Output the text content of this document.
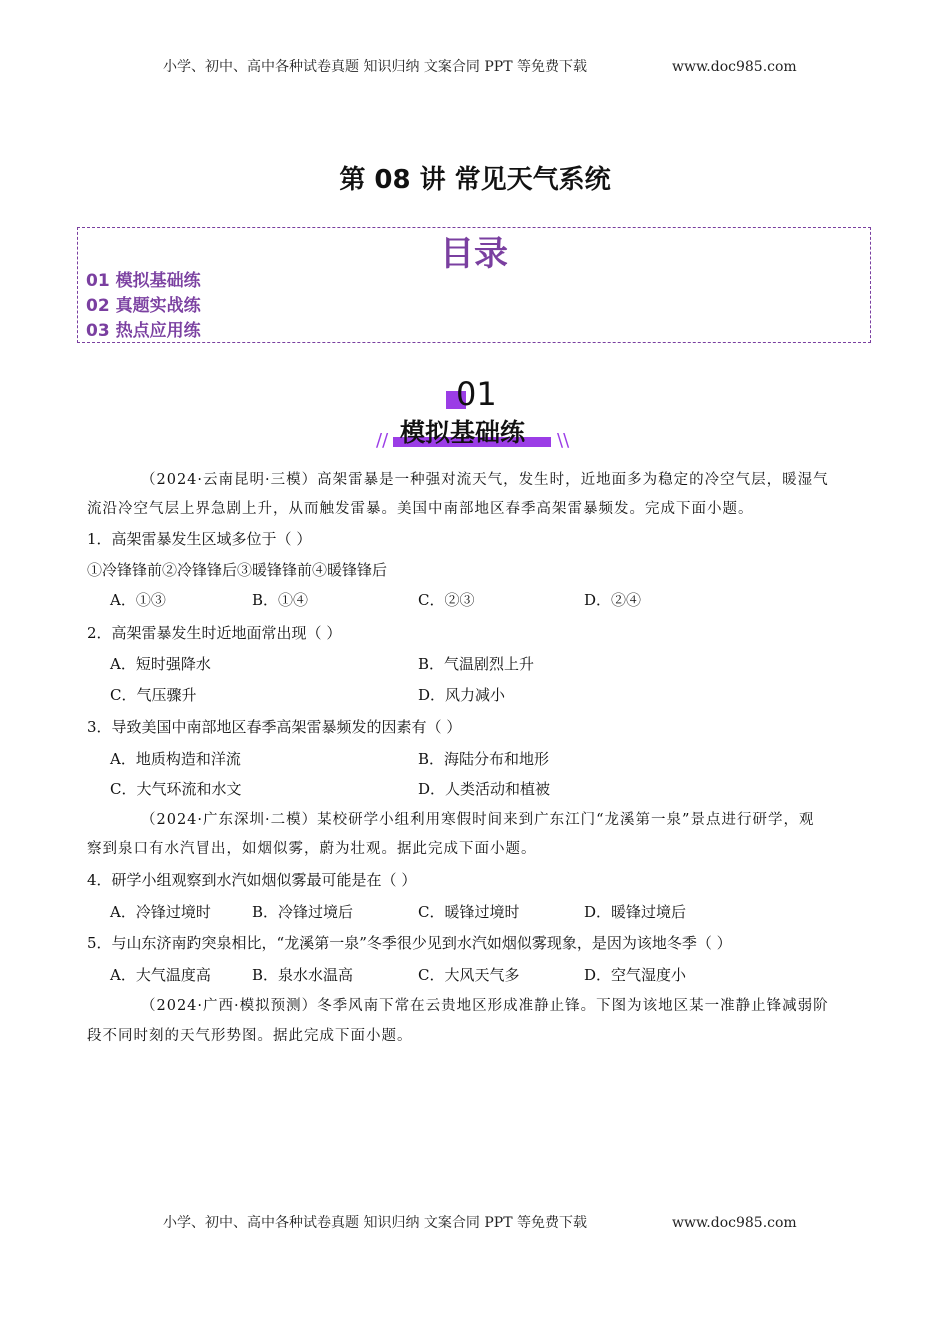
小学、初中、高中各种试卷真题 知识归纳 文案合同 PPT 等免费下载	www.doc985.com
第 08 讲 常见天气系统
目录
01 模拟基础练
02 真题实战练
03 热点应用练
01
//	\\
模拟基础练
（2024·云南昆明·三模）高架雷暴是一种强对流天气，发生时，近地面多为稳定的冷空气层，暖湿气
流沿冷空气层上界急剧上升，从而触发雷暴。美国中南部地区春季高架雷暴频发。完成下面小题。
1．高架雷暴发生区域多位于（ ）
①冷锋锋前②冷锋锋后③暖锋锋前④暖锋锋后
A．①③	B．①④	C．②③	D．②④
2．高架雷暴发生时近地面常出现（ ）
A．短时强降水	B．气温剧烈上升
C．气压骤升	D．风力减小
3．导致美国中南部地区春季高架雷暴频发的因素有（ ）
A．地质构造和洋流	B．海陆分布和地形
C．大气环流和水文	D．人类活动和植被
（2024·广东深圳·二模）某校研学小组利用寒假时间来到广东江门“龙溪第一泉”景点进行研学，观
察到泉口有水汽冒出，如烟似雾，蔚为壮观。据此完成下面小题。
4．研学小组观察到水汽如烟似雾最可能是在（ ）
A．冷锋过境时	B．冷锋过境后	C．暖锋过境时	D．暖锋过境后
5．与山东济南趵突泉相比，“龙溪第一泉”冬季很少见到水汽如烟似雾现象，是因为该地冬季（ ）
A．大气温度高	B．泉水水温高	C．大风天气多	D．空气湿度小
（2024·广西·模拟预测）冬季风南下常在云贵地区形成准静止锋。下图为该地区某一准静止锋减弱阶
段不同时刻的天气形势图。据此完成下面小题。
小学、初中、高中各种试卷真题 知识归纳 文案合同 PPT 等免费下载	www.doc985.com
